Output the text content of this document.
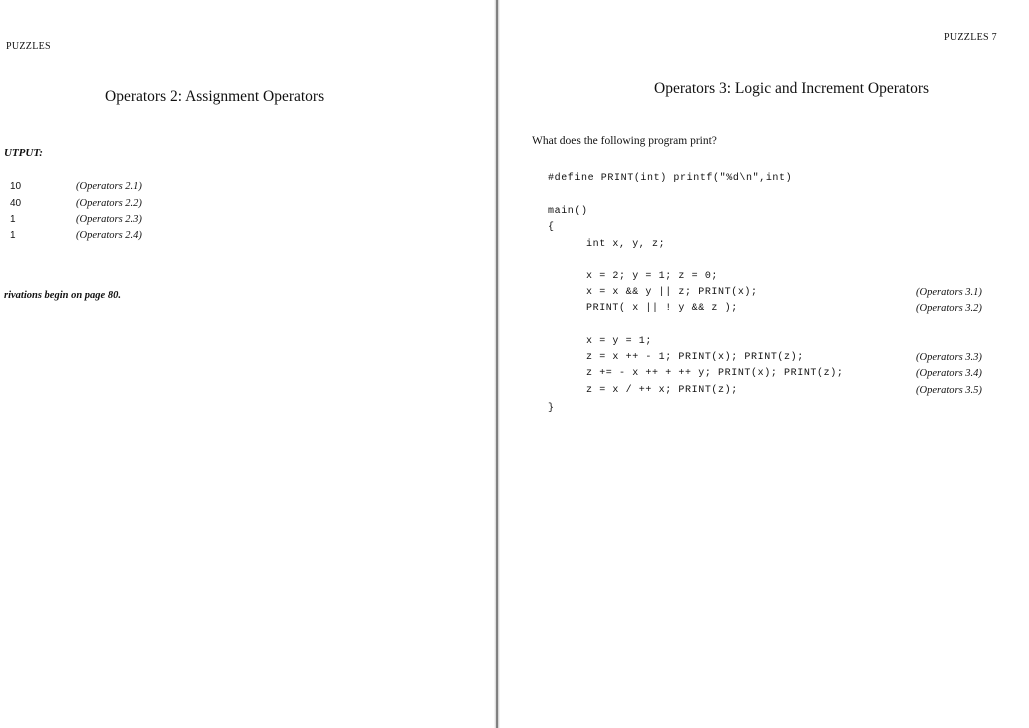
PUZZLES
Operators 2: Assignment Operators
UTPUT:
10	(Operators 2.1)
40	(Operators 2.2)
1	(Operators 2.3)
1	(Operators 2.4)
rivations begin on page 80.
PUZZLES 7
Operators 3: Logic and Increment Operators
What does the following program print?
#define PRINT(int) printf("%d\n",int)
main()
{
int x, y, z;
x = 2; y = 1; z = 0;
x = x && y || z; PRINT(x);	(Operators 3.1)
PRINT( x || ! y && z );	(Operators 3.2)
x = y = 1;
z = x ++ - 1; PRINT(x); PRINT(z);	(Operators 3.3)
z += - x ++ + ++ y; PRINT(x); PRINT(z);	(Operators 3.4)
z = x / ++ x; PRINT(z);	(Operators 3.5)
}
